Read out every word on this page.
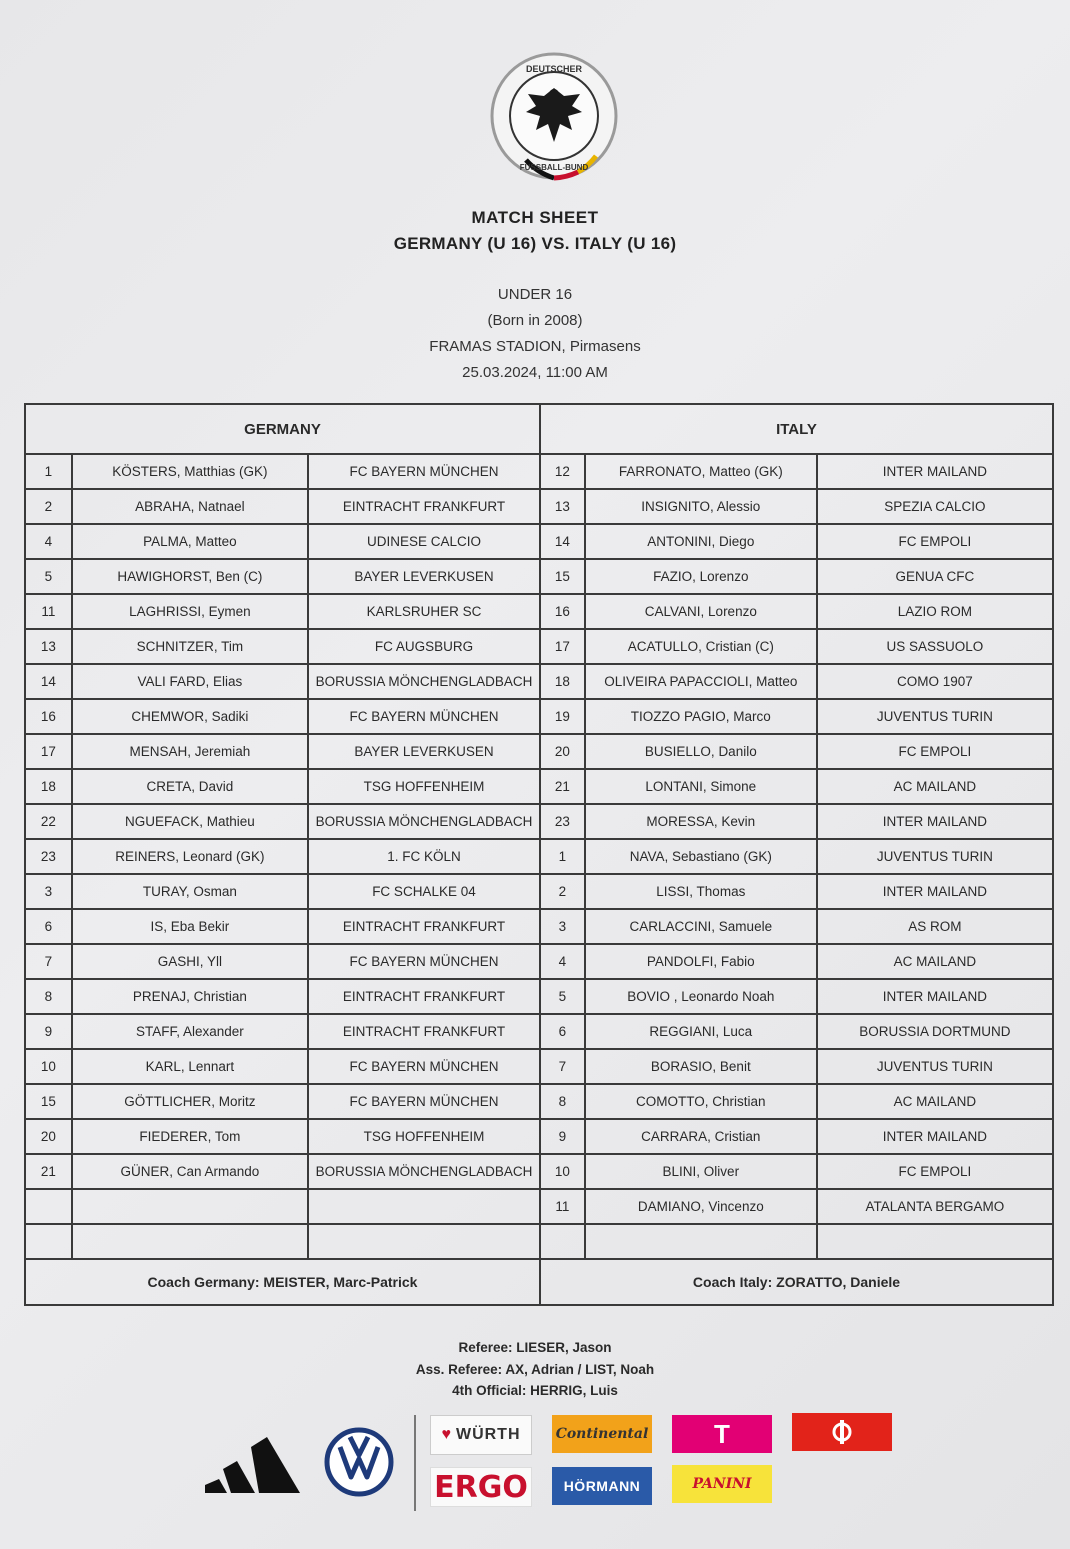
DEUTSCHER
FUSSBALL-BUND
MATCH SHEET
GERMANY (U 16) VS. ITALY (U 16)
UNDER 16
(Born in 2008)
FRAMAS STADION, Pirmasens
25.03.2024, 11:00 AM
GERMANY			ITALY		
1	KÖSTERS, Matthias (GK)	FC BAYERN MÜNCHEN	12	FARRONATO, Matteo (GK)	INTER MAILAND
2	ABRAHA, Natnael	EINTRACHT FRANKFURT	13	INSIGNITO, Alessio	SPEZIA CALCIO
4	PALMA, Matteo	UDINESE CALCIO	14	ANTONINI, Diego	FC EMPOLI
5	HAWIGHORST, Ben (C)	BAYER LEVERKUSEN	15	FAZIO, Lorenzo	GENUA CFC
11	LAGHRISSI, Eymen	KARLSRUHER SC	16	CALVANI, Lorenzo	LAZIO ROM
13	SCHNITZER, Tim	FC AUGSBURG	17	ACATULLO, Cristian (C)	US SASSUOLO
14	VALI FARD, Elias	BORUSSIA MÖNCHENGLADBACH	18	OLIVEIRA PAPACCIOLI, Matteo	COMO 1907
16	CHEMWOR, Sadiki	FC BAYERN MÜNCHEN	19	TIOZZO PAGIO, Marco	JUVENTUS TURIN
17	MENSAH, Jeremiah	BAYER LEVERKUSEN	20	BUSIELLO, Danilo	FC EMPOLI
18	CRETA, David	TSG HOFFENHEIM	21	LONTANI, Simone	AC MAILAND
22	NGUEFACK, Mathieu	BORUSSIA MÖNCHENGLADBACH	23	MORESSA, Kevin	INTER MAILAND
23	REINERS, Leonard (GK)	1. FC KÖLN	1	NAVA, Sebastiano (GK)	JUVENTUS TURIN
3	TURAY, Osman	FC SCHALKE 04	2	LISSI, Thomas	INTER MAILAND
6	IS, Eba Bekir	EINTRACHT FRANKFURT	3	CARLACCINI, Samuele	AS ROM
7	GASHI, Yll	FC BAYERN MÜNCHEN	4	PANDOLFI, Fabio	AC MAILAND
8	PRENAJ, Christian	EINTRACHT FRANKFURT	5	BOVIO , Leonardo Noah	INTER MAILAND
9	STAFF, Alexander	EINTRACHT FRANKFURT	6	REGGIANI, Luca	BORUSSIA DORTMUND
10	KARL, Lennart	FC BAYERN MÜNCHEN	7	BORASIO, Benit	JUVENTUS TURIN
15	GÖTTLICHER, Moritz	FC BAYERN MÜNCHEN	8	COMOTTO, Christian	AC MAILAND
20	FIEDERER, Tom	TSG HOFFENHEIM	9	CARRARA, Cristian	INTER MAILAND
21	GÜNER, Can Armando	BORUSSIA MÖNCHENGLADBACH	10	BLINI, Oliver	FC EMPOLI
			11	DAMIANO, Vincenzo	ATALANTA BERGAMO

Coach Germany: MEISTER, Marc-Patrick			Coach Italy: ZORATTO, Daniele		
Referee: LIESER, Jason
Ass. Referee: AX, Adrian / LIST, Noah
4th Official: HERRIG, Luis
♥ WÜRTH	Continental	T
ERGO	HÖRMANN	PANINI
